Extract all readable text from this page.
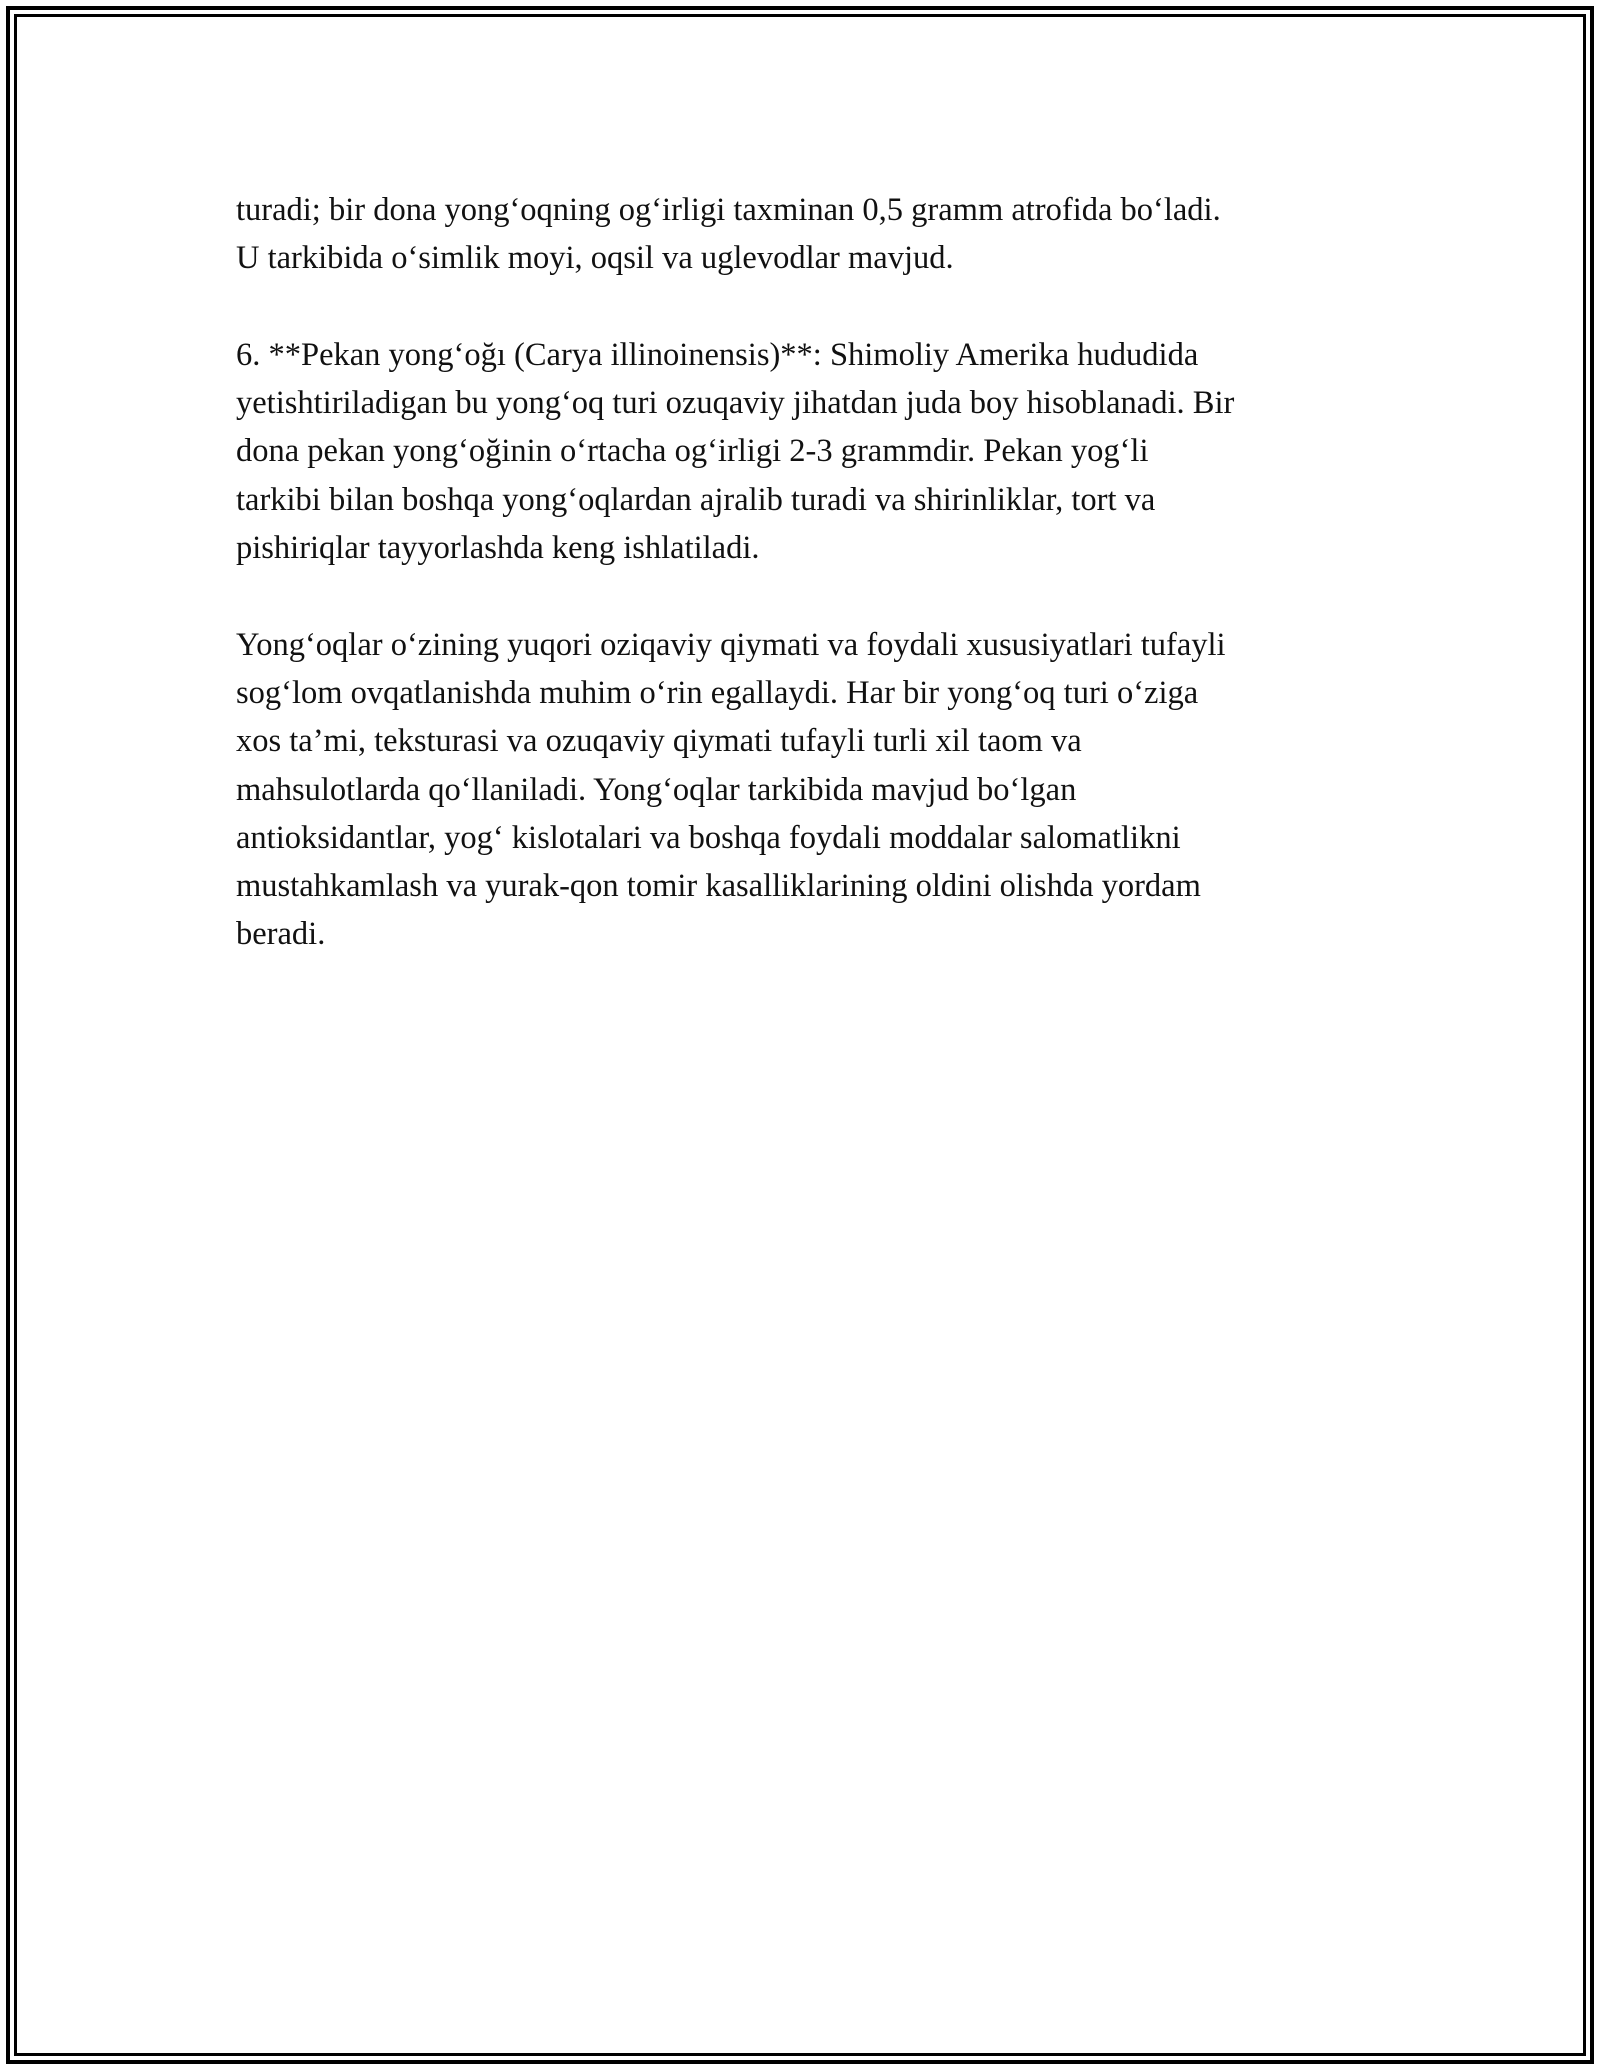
turadi; bir dona yong‘oqning og‘irligi taxminan 0,5 gramm atrofida bo‘ladi.
U tarkibida o‘simlik moyi, oqsil va uglevodlar mavjud.

6. **Pekan yong‘oğı (Carya illinoinensis)**: Shimoliy Amerika hududida
yetishtiriladigan bu yong‘oq turi ozuqaviy jihatdan juda boy hisoblanadi. Bir
dona pekan yong‘oğinin o‘rtacha og‘irligi 2-3 grammdir. Pekan yog‘li
tarkibi bilan boshqa yong‘oqlardan ajralib turadi va shirinliklar, tort va
pishiriqlar tayyorlashda keng ishlatiladi.

Yong‘oqlar o‘zining yuqori oziqaviy qiymati va foydali xususiyatlari tufayli
sog‘lom ovqatlanishda muhim o‘rin egallaydi. Har bir yong‘oq turi o‘ziga
xos ta’mi, teksturasi va ozuqaviy qiymati tufayli turli xil taom va
mahsulotlarda qo‘llaniladi. Yong‘oqlar tarkibida mavjud bo‘lgan
antioksidantlar, yog‘ kislotalari va boshqa foydali moddalar salomatlikni
mustahkamlash va yurak-qon tomir kasalliklarining oldini olishda yordam
beradi.
